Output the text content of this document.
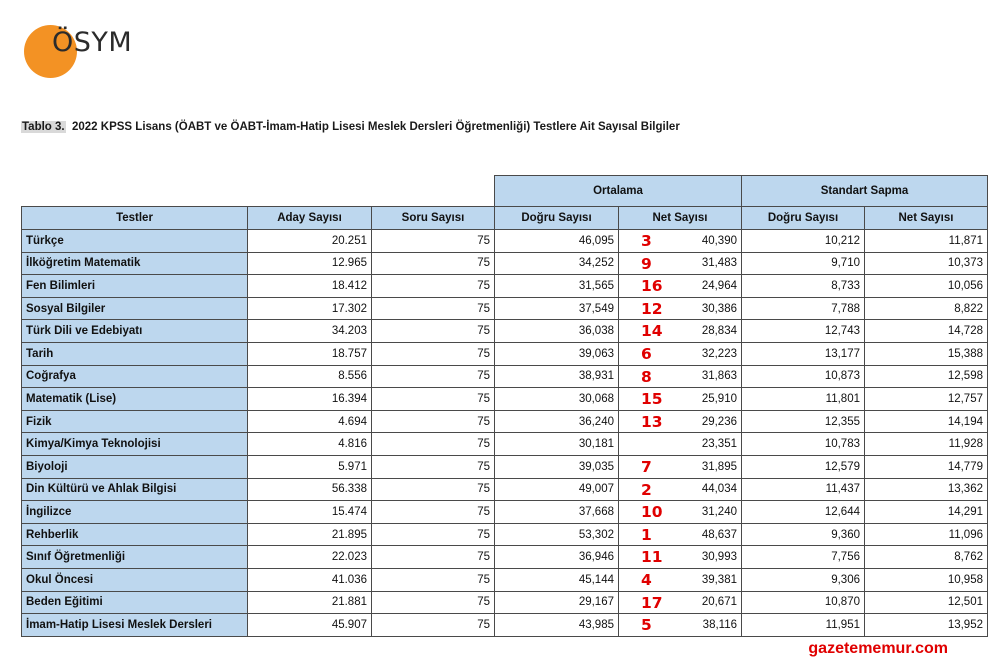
ÖSYM
Tablo 3. 2022 KPSS Lisans (ÖABT ve ÖABT-İmam-Hatip Lisesi Meslek Dersleri Öğretmenliği) Testlere Ait Sayısal Bilgiler
			Ortalama		Standart Sapma	
Testler	Aday Sayısı	Soru Sayısı	Doğru Sayısı	Net Sayısı	Doğru Sayısı	Net Sayısı
Türkçe	20.251	75	46,095	3 40,390	10,212	11,871
İlköğretim Matematik	12.965	75	34,252	9 31,483	9,710	10,373
Fen Bilimleri	18.412	75	31,565	16 24,964	8,733	10,056
Sosyal Bilgiler	17.302	75	37,549	12 30,386	7,788	8,822
Türk Dili ve Edebiyatı	34.203	75	36,038	14 28,834	12,743	14,728
Tarih	18.757	75	39,063	6 32,223	13,177	15,388
Coğrafya	8.556	75	38,931	8 31,863	10,873	12,598
Matematik (Lise)	16.394	75	30,068	15 25,910	11,801	12,757
Fizik	4.694	75	36,240	13 29,236	12,355	14,194
Kimya/Kimya Teknolojisi	4.816	75	30,181	23,351	10,783	11,928
Biyoloji	5.971	75	39,035	7 31,895	12,579	14,779
Din Kültürü ve Ahlak Bilgisi	56.338	75	49,007	2 44,034	11,437	13,362
İngilizce	15.474	75	37,668	10 31,240	12,644	14,291
Rehberlik	21.895	75	53,302	1 48,637	9,360	11,096
Sınıf Öğretmenliği	22.023	75	36,946	11 30,993	7,756	8,762
Okul Öncesi	41.036	75	45,144	4 39,381	9,306	10,958
Beden Eğitimi	21.881	75	29,167	17 20,671	10,870	12,501
İmam-Hatip Lisesi Meslek Dersleri	45.907	75	43,985	5 38,116	11,951	13,952
gazetememur.com
